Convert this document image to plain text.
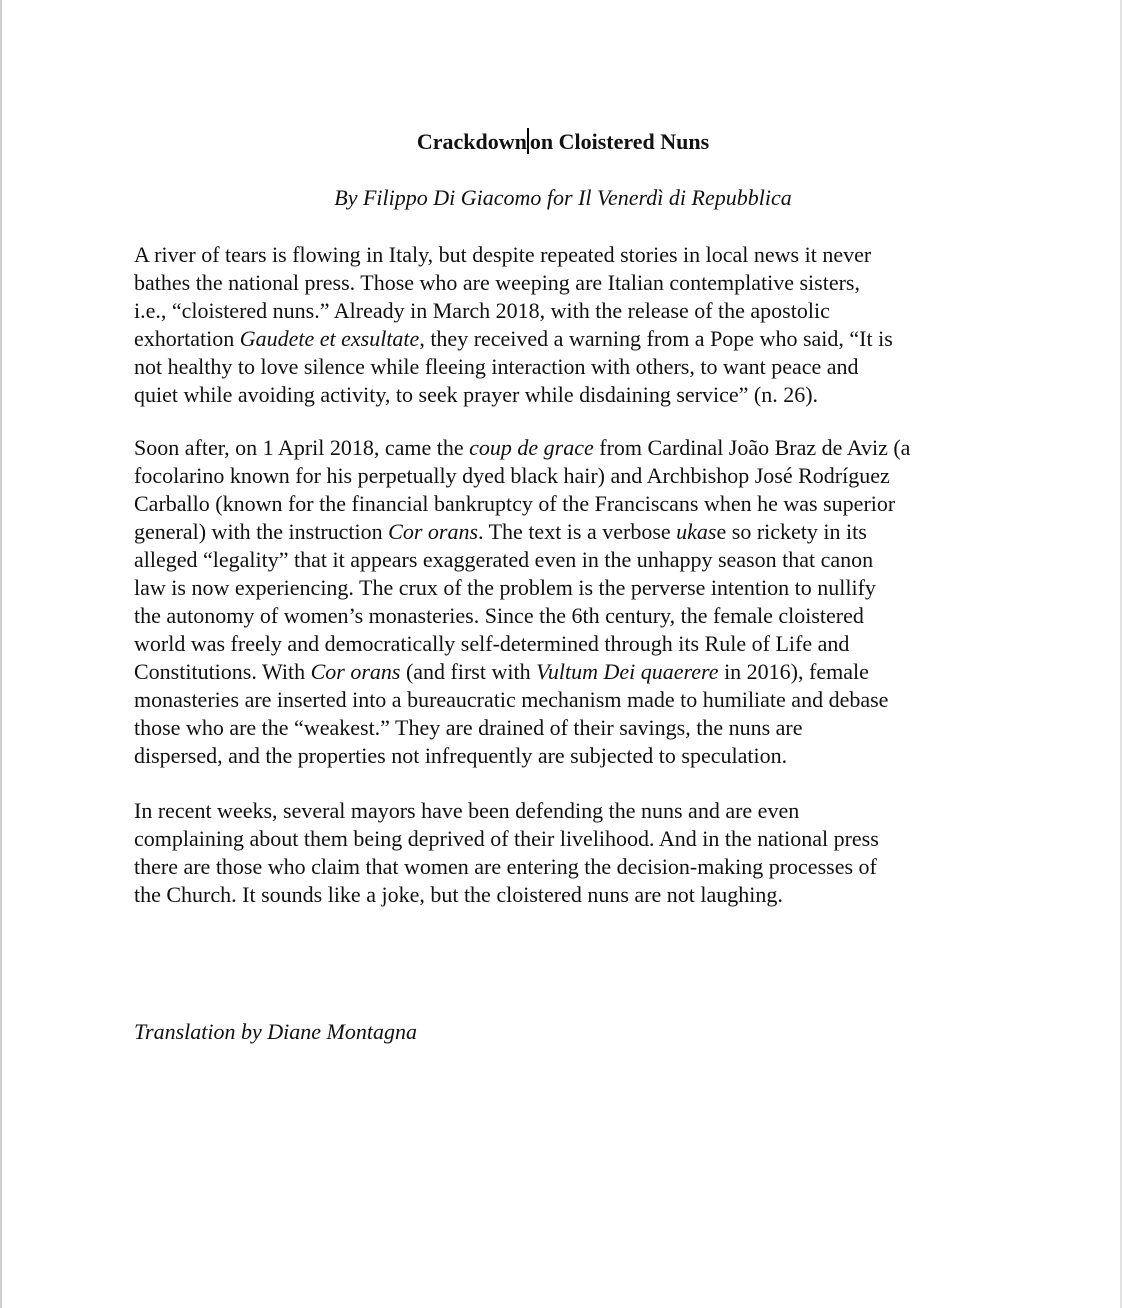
Crackdown on Cloistered Nuns

By Filippo Di Giacomo for Il Venerdì di Repubblica

A river of tears is flowing in Italy, but despite repeated stories in local news it never
bathes the national press. Those who are weeping are Italian contemplative sisters,
i.e., “cloistered nuns.” Already in March 2018, with the release of the apostolic
exhortation Gaudete et exsultate, they received a warning from a Pope who said, “It is
not healthy to love silence while fleeing interaction with others, to want peace and
quiet while avoiding activity, to seek prayer while disdaining service” (n. 26).

Soon after, on 1 April 2018, came the coup de grace from Cardinal João Braz de Aviz (a
focolarino known for his perpetually dyed black hair) and Archbishop José Rodríguez
Carballo (known for the financial bankruptcy of the Franciscans when he was superior
general) with the instruction Cor orans. The text is a verbose ukase so rickety in its
alleged “legality” that it appears exaggerated even in the unhappy season that canon
law is now experiencing. The crux of the problem is the perverse intention to nullify
the autonomy of women’s monasteries. Since the 6th century, the female cloistered
world was freely and democratically self-determined through its Rule of Life and
Constitutions. With Cor orans (and first with Vultum Dei quaerere in 2016), female
monasteries are inserted into a bureaucratic mechanism made to humiliate and debase
those who are the “weakest.” They are drained of their savings, the nuns are
dispersed, and the properties not infrequently are subjected to speculation.

In recent weeks, several mayors have been defending the nuns and are even
complaining about them being deprived of their livelihood. And in the national press
there are those who claim that women are entering the decision-making processes of
the Church. It sounds like a joke, but the cloistered nuns are not laughing.

Translation by Diane Montagna
